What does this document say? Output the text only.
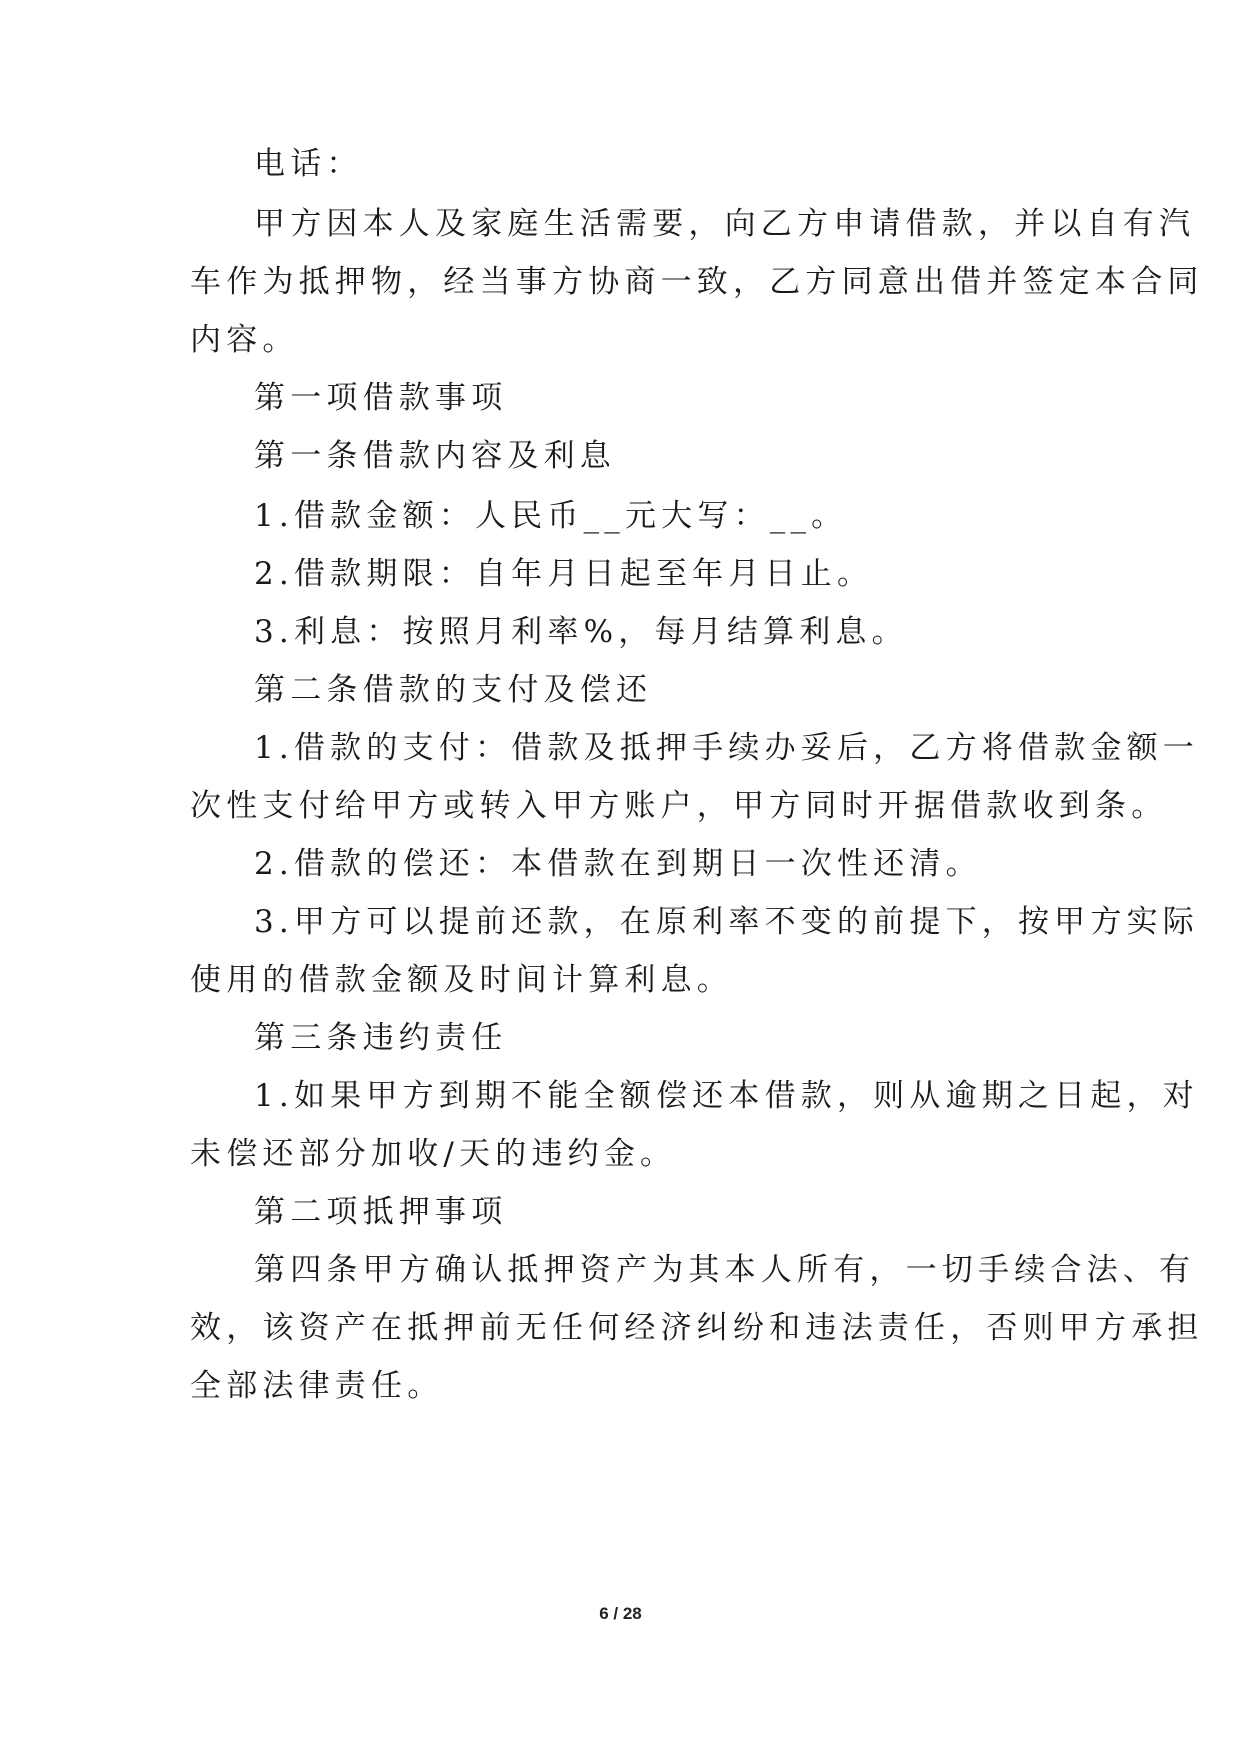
电话：
甲方因本人及家庭生活需要，向乙方申请借款，并以自有汽
车作为抵押物，经当事方协商一致，乙方同意出借并签定本合同
内容。
第一项借款事项
第一条借款内容及利息
1.借款金额：人民币__元大写：__。
2.借款期限：自年月日起至年月日止。
3.利息：按照月利率%，每月结算利息。
第二条借款的支付及偿还
1.借款的支付：借款及抵押手续办妥后，乙方将借款金额一
次性支付给甲方或转入甲方账户，甲方同时开据借款收到条。
2.借款的偿还：本借款在到期日一次性还清。
3.甲方可以提前还款，在原利率不变的前提下，按甲方实际
使用的借款金额及时间计算利息。
第三条违约责任
1.如果甲方到期不能全额偿还本借款，则从逾期之日起，对
未偿还部分加收/天的违约金。
第二项抵押事项
第四条甲方确认抵押资产为其本人所有，一切手续合法、有
效，该资产在抵押前无任何经济纠纷和违法责任，否则甲方承担
全部法律责任。
6 / 28
